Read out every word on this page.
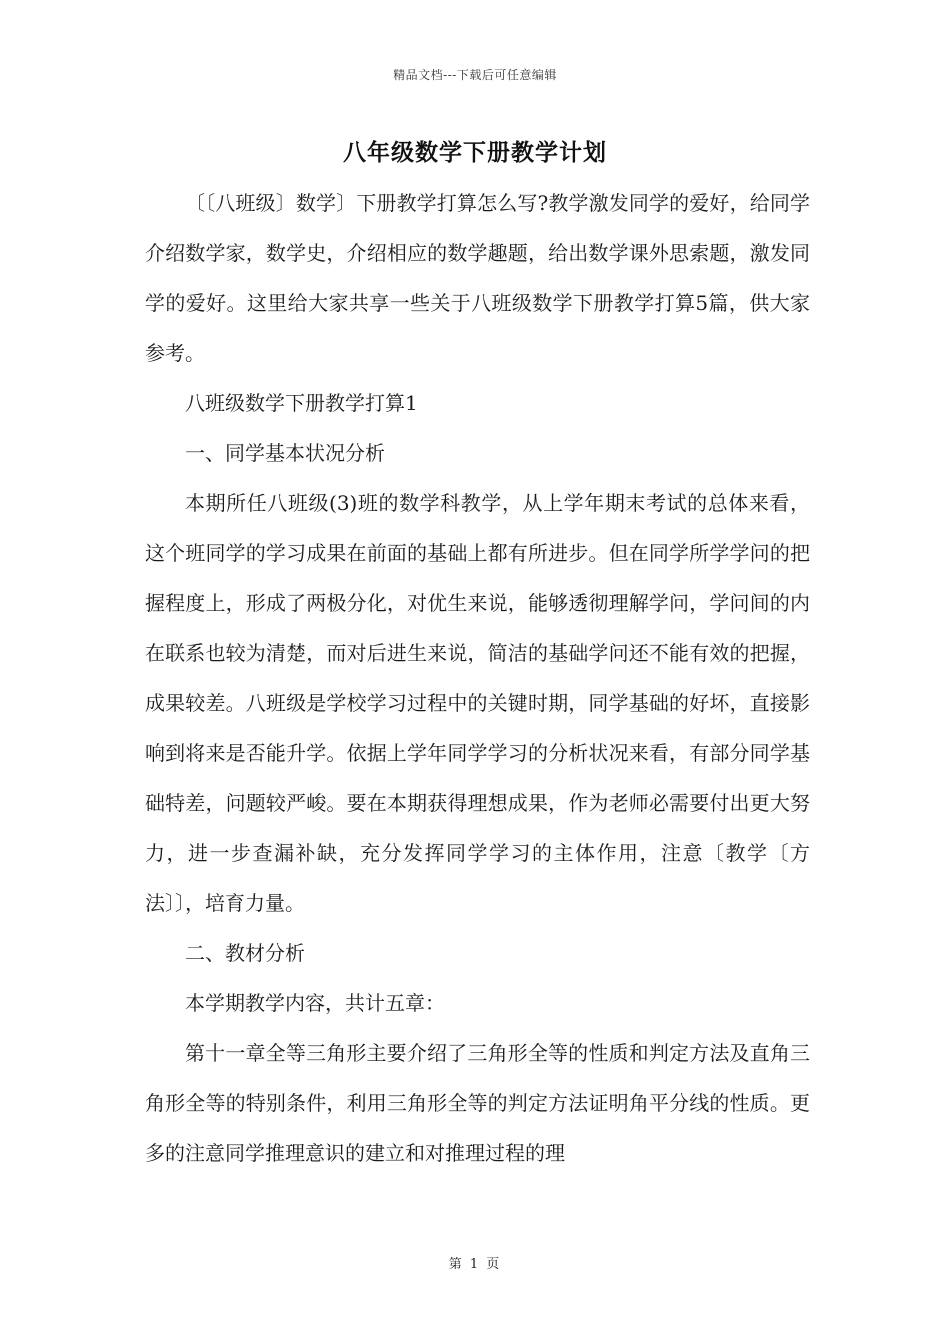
精品文档---下载后可任意编辑
八年级数学下册教学计划

〔〔八班级〕数学〕下册教学打算怎么写?教学激发同学的爱好，给同学介绍数学家，数学史，介绍相应的数学趣题，给出数学课外思索题，激发同学的爱好。这里给大家共享一些关于八班级数学下册教学打算5篇，供大家参考。

八班级数学下册教学打算1

一、同学基本状况分析

本期所任八班级(3)班的数学科教学，从上学年期末考试的总体来看，这个班同学的学习成果在前面的基础上都有所进步。但在同学所学学问的把握程度上，形成了两极分化，对优生来说，能够透彻理解学问，学问间的内在联系也较为清楚，而对后进生来说，简洁的基础学问还不能有效的把握，成果较差。八班级是学校学习过程中的关键时期，同学基础的好坏，直接影响到将来是否能升学。依据上学年同学学习的分析状况来看，有部分同学基础特差，问题较严峻。要在本期获得理想成果，作为老师必需要付出更大努力，进一步查漏补缺，充分发挥同学学习的主体作用，注意〔教学〔方法〕〕，培育力量。

二、教材分析

本学期教学内容，共计五章：

第十一章全等三角形主要介绍了三角形全等的性质和判定方法及直角三角形全等的特别条件，利用三角形全等的判定方法证明角平分线的性质。更多的注意同学推理意识的建立和对推理过程的理

第 1 页
